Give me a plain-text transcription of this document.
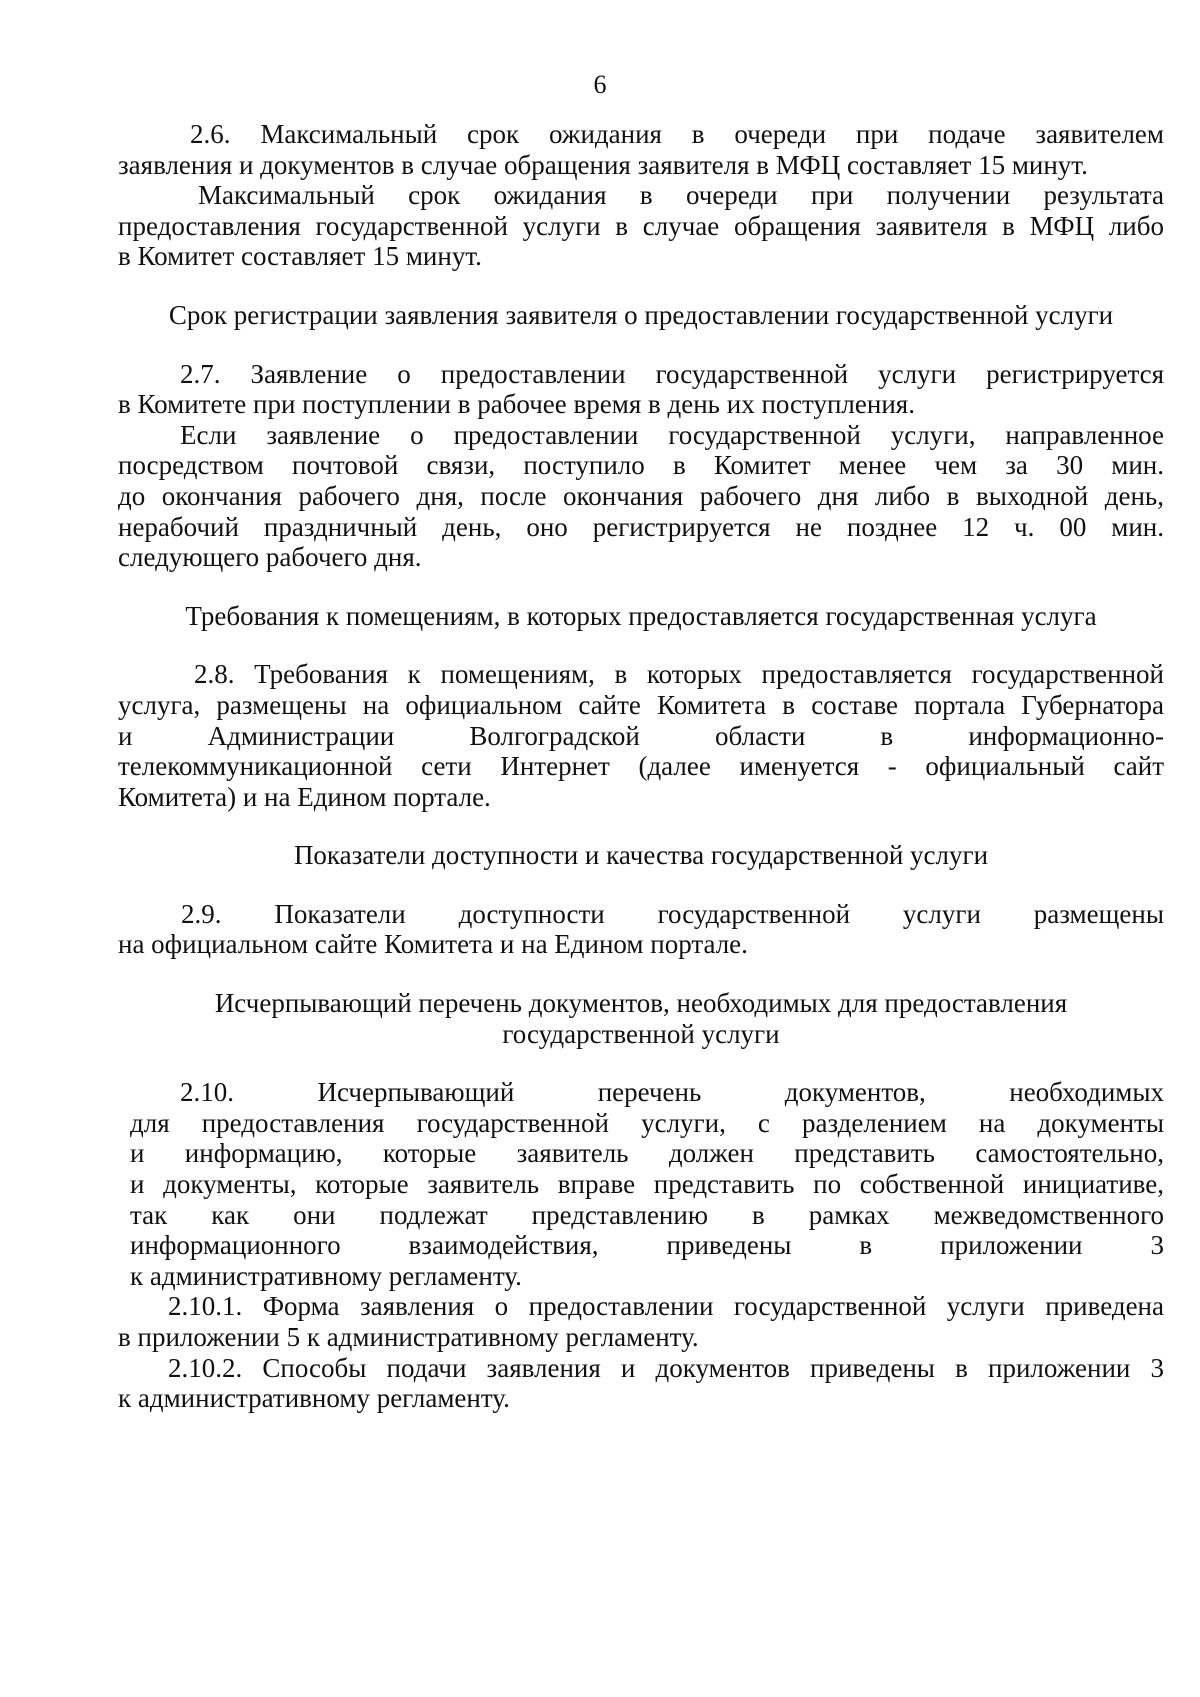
6
2.6. Максимальный срок ожидания в очереди при подаче заявителем
заявления и документов в случае обращения заявителя в МФЦ составляет 15 минут.
Максимальный срок ожидания в очереди при получении результата
предоставления государственной услуги в случае обращения заявителя в МФЦ либо
в Комитет составляет 15 минут.

Срок регистрации заявления заявителя о предоставлении государственной услуги

2.7. Заявление о предоставлении государственной услуги регистрируется
в Комитете при поступлении в рабочее время в день их поступления.
Если заявление о предоставлении государственной услуги, направленное
посредством почтовой связи, поступило в Комитет менее чем за 30 мин.
до окончания рабочего дня, после окончания рабочего дня либо в выходной день,
нерабочий праздничный день, оно регистрируется не позднее 12 ч. 00 мин.
следующего рабочего дня.

Требования к помещениям, в которых предоставляется государственная услуга

2.8. Требования к помещениям, в которых предоставляется государственной
услуга, размещены на официальном сайте Комитета в составе портала Губернатора
и Администрации Волгоградской области в информационно-
телекоммуникационной сети Интернет (далее именуется - официальный сайт
Комитета) и на Едином портале.

Показатели доступности и качества государственной услуги

2.9. Показатели доступности государственной услуги размещены
на официальном сайте Комитета и на Едином портале.

Исчерпывающий перечень документов, необходимых для предоставления

государственной услуги

2.10. Исчерпывающий перечень документов, необходимых
для предоставления государственной услуги, с разделением на документы
и информацию, которые заявитель должен представить самостоятельно,
и документы, которые заявитель вправе представить по собственной инициативе,
так как они подлежат представлению в рамках межведомственного
информационного взаимодействия, приведены в приложении 3
к административному регламенту.
2.10.1. Форма заявления о предоставлении государственной услуги приведена
в приложении 5 к административному регламенту.
2.10.2. Способы подачи заявления и документов приведены в приложении 3
к административному регламенту.
